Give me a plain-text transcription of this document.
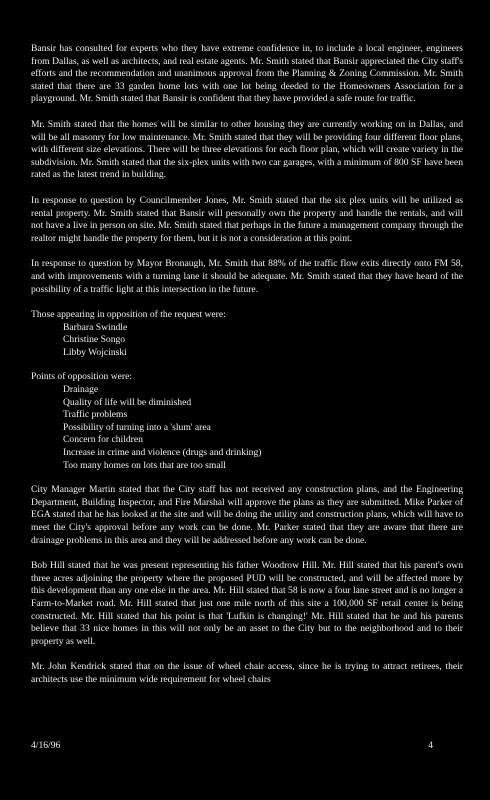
Bansir has consulted for experts who they have extreme confidence in, to include a local engineer, engineers from Dallas, as well as architects, and real estate agents. Mr. Smith stated that Bansir appreciated the City staff's efforts and the recommendation and unanimous approval from the Planning & Zoning Commission. Mr. Smith stated that there are 33 garden home lots with one lot being deeded to the Homeowners Association for a playground. Mr. Smith stated that Bansir is confident that they have provided a safe route for traffic.

Mr. Smith stated that the homes will be similar to other housing they are currently working on in Dallas, and will be all masonry for low maintenance. Mr. Smith stated that they will be providing four different floor plans, with different size elevations. There will be three elevations for each floor plan, which will create variety in the subdivision. Mr. Smith stated that the six-plex units with two car garages, with a minimum of 800 SF have been rated as the latest trend in building.

In response to question by Councilmember Jones, Mr. Smith stated that the six plex units will be utilized as rental property. Mr. Smith stated that Bansir will personally own the property and handle the rentals, and will not have a live in person on site. Mr. Smith stated that perhaps in the future a management company through the realtor might handle the property for them, but it is not a consideration at this point.

In response to question by Mayor Bronaugh, Mr. Smith that 88% of the traffic flow exits directly onto FM 58, and with improvements with a turning lane it should be adequate. Mr. Smith stated that they have heard of the possibility of a traffic light at this intersection in the future.

Those appearing in opposition of the request were:

Barbara Swindle
Christine Songo
Libby Wojcinski

Points of opposition were:

Drainage
Quality of life will be diminished
Traffic problems
Possibility of turning into a 'slum' area
Concern for children
Increase in crime and violence (drugs and drinking)
Too many homes on lots that are too small

City Manager Martin stated that the City staff has not received any construction plans, and the Engineering Department, Building Inspector, and Fire Marshal will approve the plans as they are submitted. Mike Parker of EGA stated that he has looked at the site and will be doing the utility and construction plans, which will have to meet the City's approval before any work can be done. Mr. Parker stated that they are aware that there are drainage problems in this area and they will be addressed before any work can be done.

Bob Hill stated that he was present representing his father Woodrow Hill. Mr. Hill stated that his parent's own three acres adjoining the property where the proposed PUD will be constructed, and will be affected more by this development than any one else in the area. Mr. Hill stated that 58 is now a four lane street and is no longer a Farm-to-Market road. Mr. Hill stated that just one mile north of this site a 100,000 SF retail center is being constructed. Mr. Hill stated that his point is that 'Lufkin is changing!' Mr. Hill stated that he and his parents believe that 33 nice homes in this will not only be an asset to the City but to the neighborhood and to their property as well.

Mr. John Kendrick stated that on the issue of wheel chair access, since he is trying to attract retirees, their architects use the minimum wide requirement for wheel chairs

4/16/96	4
